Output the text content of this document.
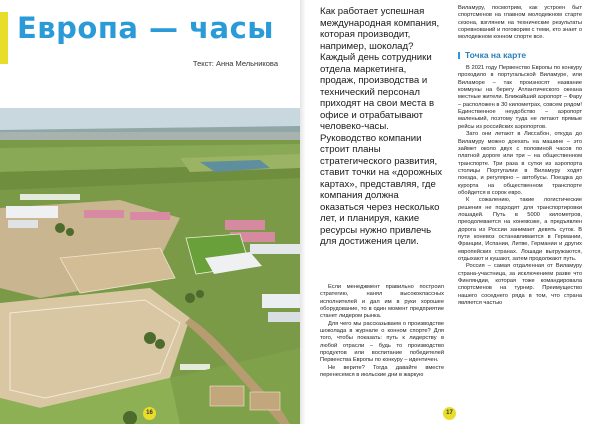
Европа — часы
Текст: Анна Мельникова
16

Как работает успешная международная компания, которая производит, например, шоколад? Каждый день сотрудники отдела маркетинга, продаж, производства и технический персонал приходят на свои места в офисе и отрабатывают человеко-часы. Руководство компании строит планы стратегического развития, ставит точки на «дорожных картах», представляя, где компания должна оказаться через несколько лет, и планируя, какие ресурсы нужно привлечь для достижения цели.

Если менеджмент правильно построил стратегию, нанял высококлассных исполнителей и дал им в руки хорошее оборудование, то в один момент предприятие станет лидером рынка.

Для чего мы рассказываем о производстве шоколада в журнале о конном спорте? Для того, чтобы показать: путь к лидерству в любой отрасли – будь то производство продуктов или воспитание победителей Первенства Европы по конкуру – идентичен.

Не верите? Тогда давайте вместе перенесемся в июльские дни в жаркую

Виламуру, посмотрим, как устроен быт спортсменов на главном молодежном старте сезона, взглянем на технические результаты соревнований и поговорим с теми, кто знает о молодежном конном спорте все.

Точка на карте

В 2021 году Первенство Европы по конкуру проходило в португальской Виламуре, или Виламоре – так произносят название коммуны на берегу Атлантического океана местные жители. Ближайший аэропорт – Фару – расположен в 30 километрах, совсем рядом! Единственное неудобство – аэропорт маленький, поэтому туда не летают прямые рейсы из российских аэропортов.

Зато они летают в Лиссабон, откуда до Виламуру можно доехать на машине – это займет около двух с половиной часов по платной дороге или три – на общественном транспорте. Три раза в сутки из аэропорта столицы Португалии в Виламуру ходят поезда, и регулярно – автобусы. Поездка до курорта на общественном транспорте обойдется в сорок евро.

К сожалению, такие логистические решения не подходят для транспортировки лошадей. Путь в 5000 километров, преодолевается на коневозке, а предъявлен дорога из России занимает девять суток. В пути коневоз останавливается в Германии, Франции, Испании, Литве, Германии и других европейских странах. Лошади выгружаются, отдыхают и кушают, затем продолжают путь.

Россия – самая отдаленная от Виламуру страна-участница, за исключением разве что Финляндии, которая тоже командировала спортсменов на турнир. Преимущество нашего соседнего ряда в том, что страна является частью

17
